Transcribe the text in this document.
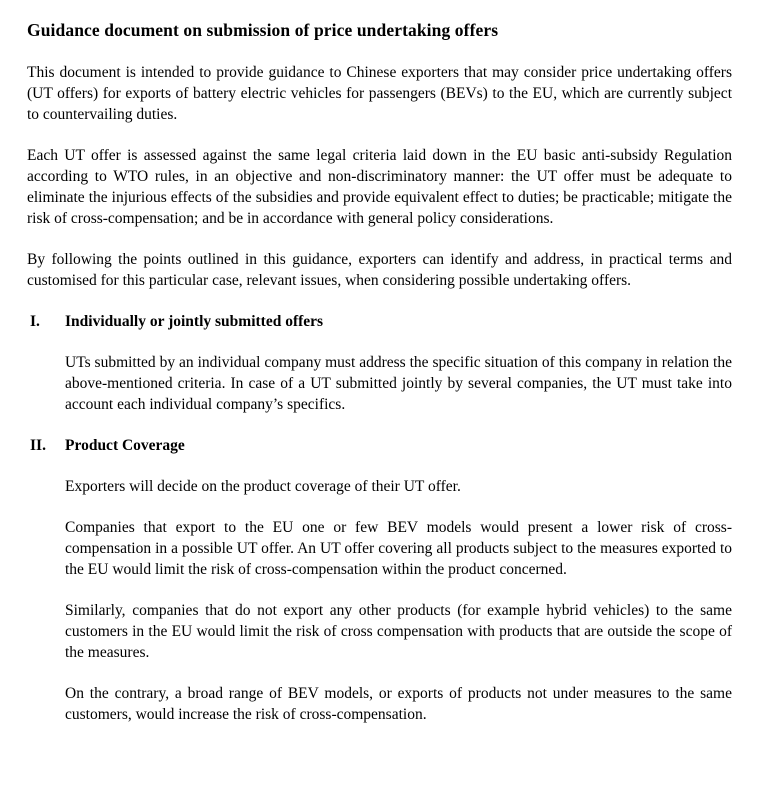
Guidance document on submission of price undertaking offers

This document is intended to provide guidance to Chinese exporters that may consider price undertaking offers (UT offers) for exports of battery electric vehicles for passengers (BEVs) to the EU, which are currently subject to countervailing duties.

Each UT offer is assessed against the same legal criteria laid down in the EU basic anti-subsidy Regulation according to WTO rules, in an objective and non-discriminatory manner: the UT offer must be adequate to eliminate the injurious effects of the subsidies and provide equivalent effect to duties; be practicable; mitigate the risk of cross-compensation; and be in accordance with general policy considerations.

By following the points outlined in this guidance, exporters can identify and address, in practical terms and customised for this particular case, relevant issues, when considering possible undertaking offers.

I.	Individually or jointly submitted offers

UTs submitted by an individual company must address the specific situation of this company in relation the above-mentioned criteria. In case of a UT submitted jointly by several companies, the UT must take into account each individual company’s specifics.

II.	Product Coverage

Exporters will decide on the product coverage of their UT offer.

Companies that export to the EU one or few BEV models would present a lower risk of cross-compensation in a possible UT offer. An UT offer covering all products subject to the measures exported to the EU would limit the risk of cross-compensation within the product concerned.

Similarly, companies that do not export any other products (for example hybrid vehicles) to the same customers in the EU would limit the risk of cross compensation with products that are outside the scope of the measures.

On the contrary, a broad range of BEV models, or exports of products not under measures to the same customers, would increase the risk of cross-compensation.
